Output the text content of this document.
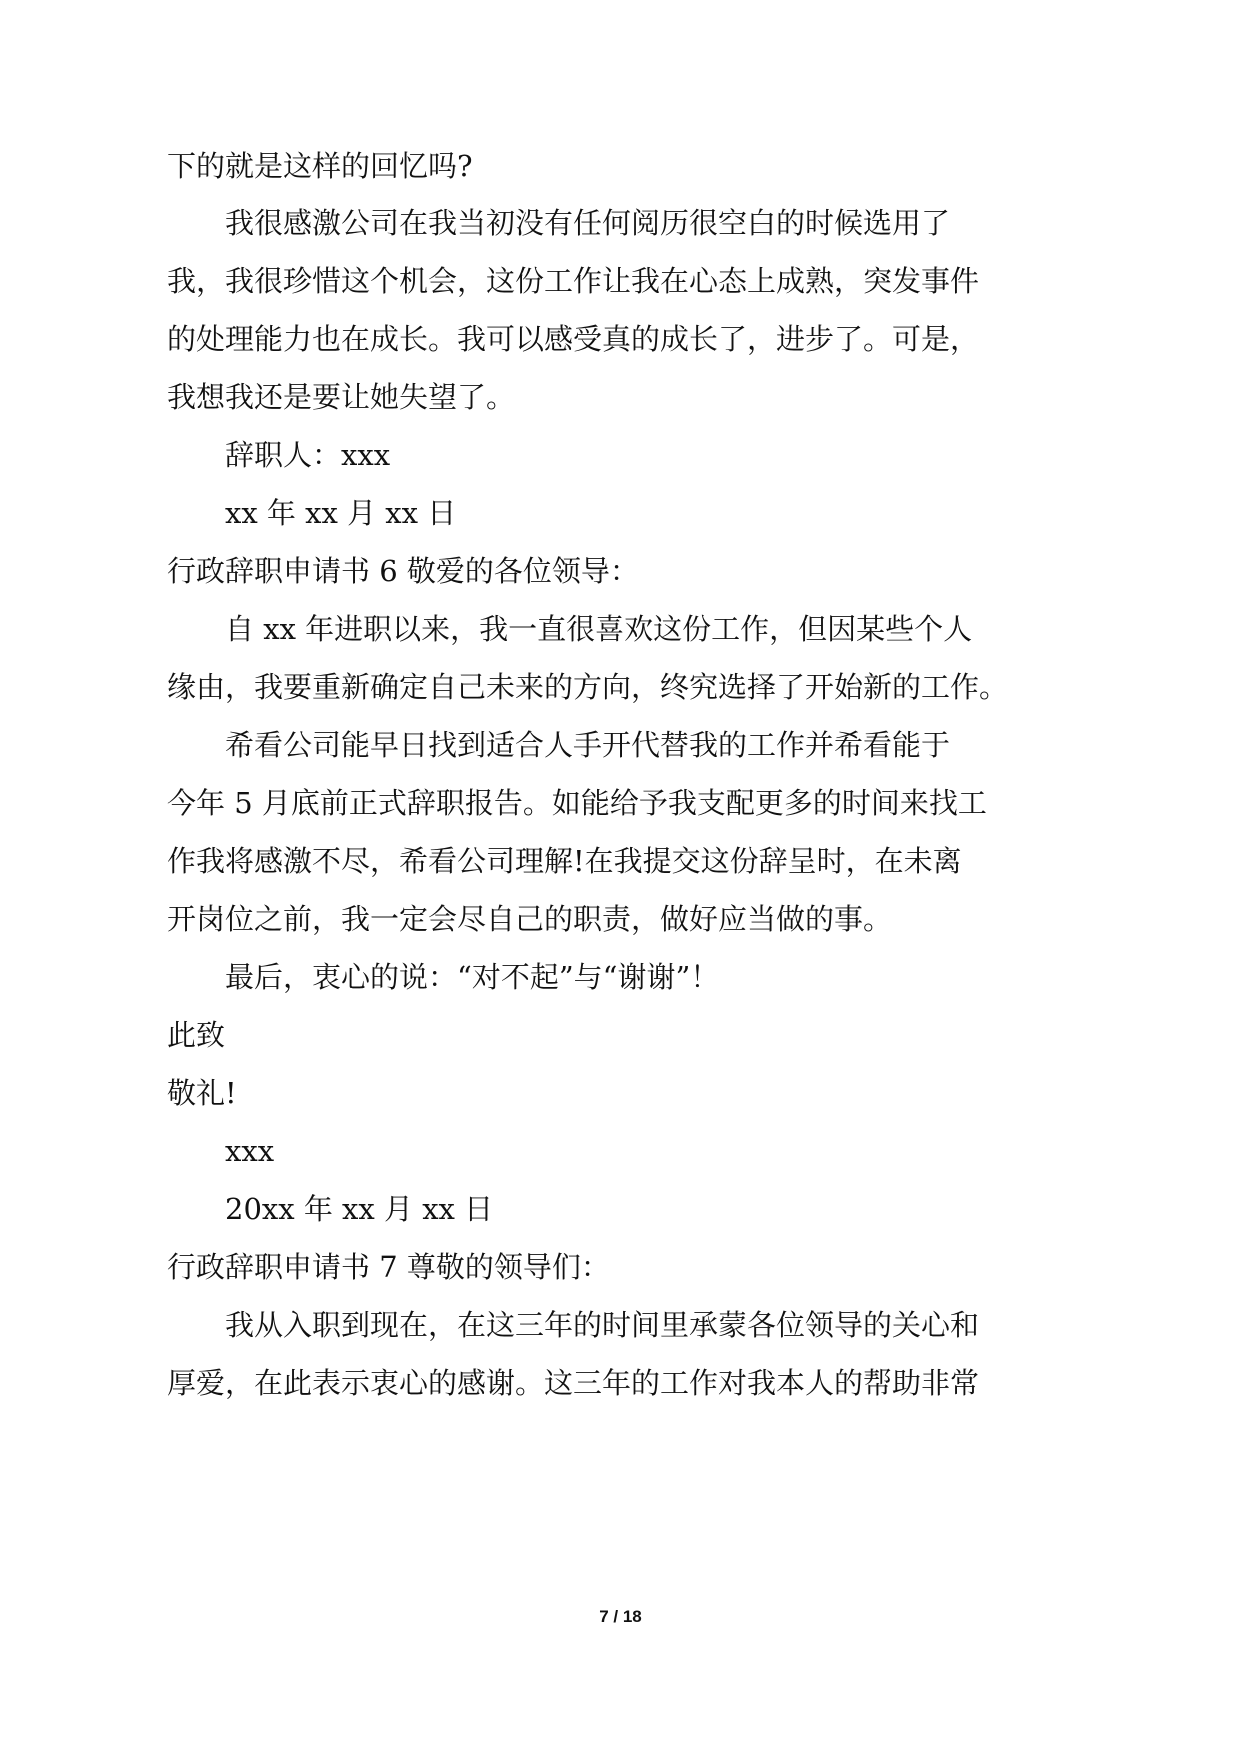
下的就是这样的回忆吗?

我很感激公司在我当初没有任何阅历很空白的时候选用了

我，我很珍惜这个机会，这份工作让我在心态上成熟，突发事件

的处理能力也在成长。我可以感受真的成长了，进步了。可是，

我想我还是要让她失望了。

辞职人：xxx

xx 年 xx 月 xx 日

行政辞职申请书 6 敬爱的各位领导：

自 xx 年进职以来，我一直很喜欢这份工作，但因某些个人

缘由，我要重新确定自己未来的方向，终究选择了开始新的工作。

希看公司能早日找到适合人手开代替我的工作并希看能于

今年 5 月底前正式辞职报告。如能给予我支配更多的时间来找工

作我将感激不尽，希看公司理解!在我提交这份辞呈时，在未离

开岗位之前，我一定会尽自己的职责，做好应当做的事。

最后，衷心的说：“对不起”与“谢谢”！

此致

敬礼!

xxx

20xx 年 xx 月 xx 日

行政辞职申请书 7 尊敬的领导们：

我从入职到现在，在这三年的时间里承蒙各位领导的关心和

厚爱，在此表示衷心的感谢。这三年的工作对我本人的帮助非常

7 / 18
